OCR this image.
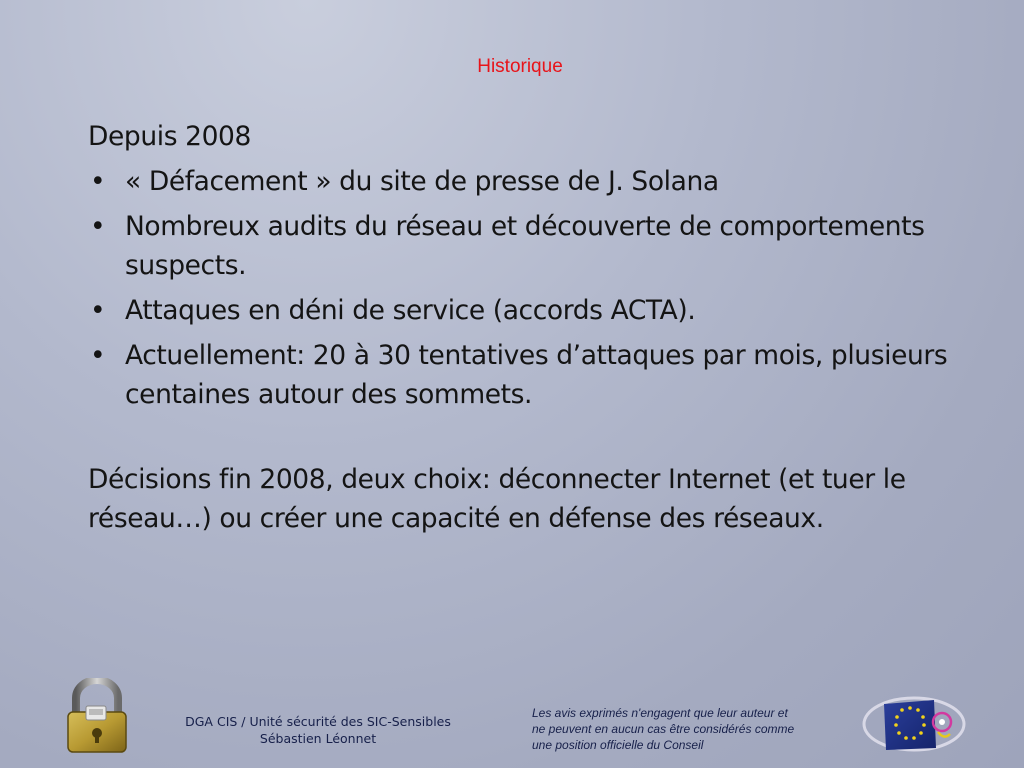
Historique
Depuis 2008
• « Défacement » du site de presse de J. Solana
• Nombreux audits du réseau et découverte de comportements suspects.
• Attaques en déni de service (accords ACTA).
• Actuellement: 20 à 30 tentatives d’attaques par mois, plusieurs centaines autour des sommets.
Décisions fin 2008, deux choix: déconnecter Internet (et tuer le réseau…) ou créer une capacité en défense des réseaux.
DGA CIS / Unité sécurité des SIC-Sensibles
Sébastien Léonnet
Les avis exprimés n'engagent que leur auteur et
ne peuvent en aucun cas être considérés comme
une position officielle du Conseil
